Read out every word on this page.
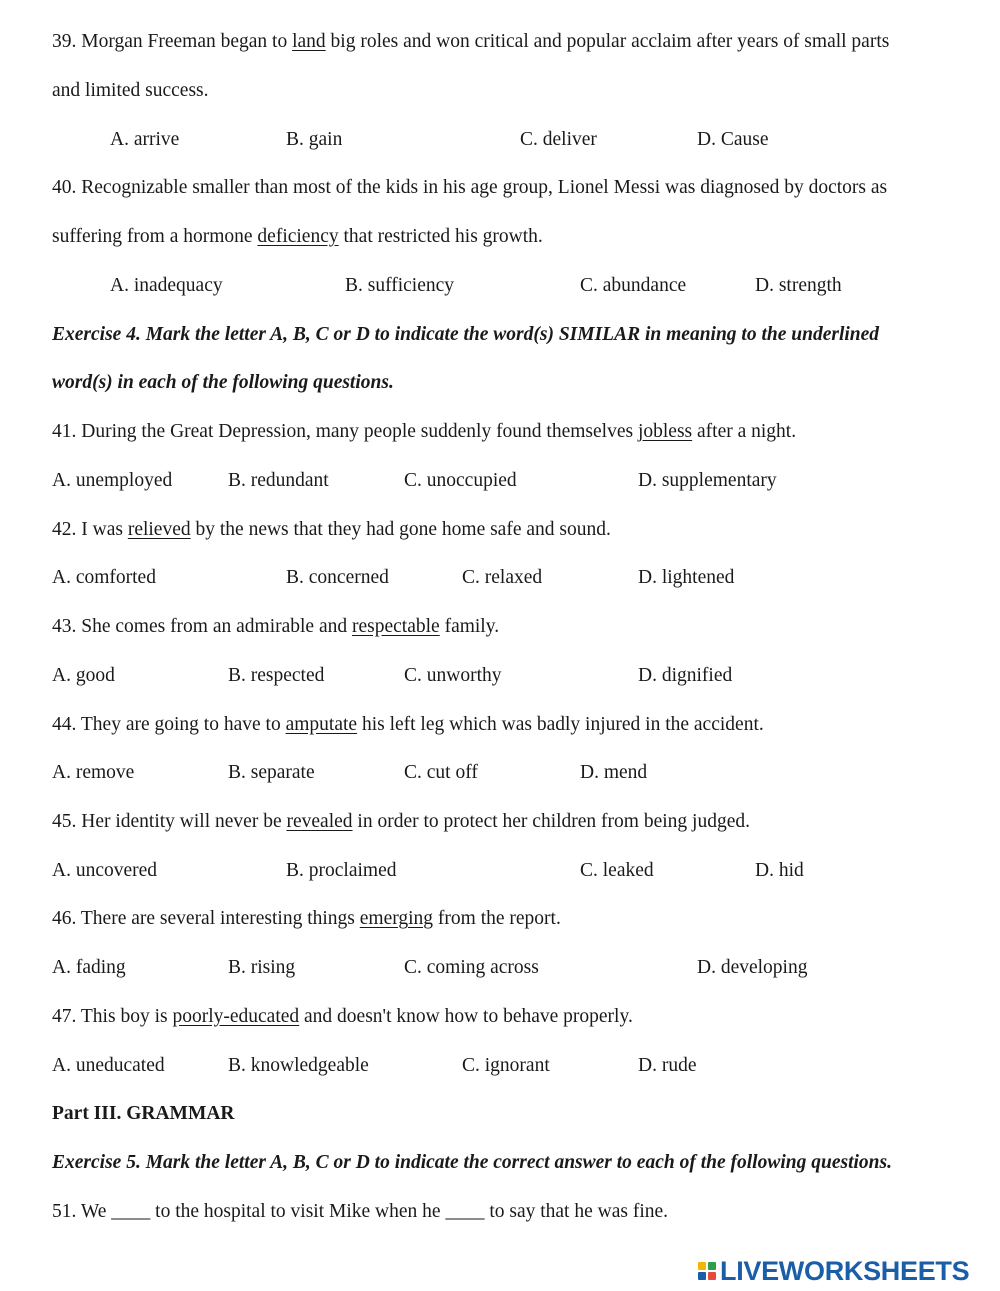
39. Morgan Freeman began to land big roles and won critical and popular acclaim after years of small parts
and limited success.
A. arrive	B. gain	C. deliver	D. Cause
40. Recognizable smaller than most of the kids in his age group, Lionel Messi was diagnosed by doctors as
suffering from a hormone deficiency that restricted his growth.
A. inadequacy	B. sufficiency	C. abundance	D. strength
Exercise 4. Mark the letter A, B, C or D to indicate the word(s) SIMILAR in meaning to the underlined
word(s) in each of the following questions.
41. During the Great Depression, many people suddenly found themselves jobless after a night.
A. unemployed	B. redundant	C. unoccupied	D. supplementary
42. I was relieved by the news that they had gone home safe and sound.
A. comforted	B. concerned	C. relaxed	D. lightened
43. She comes from an admirable and respectable family.
A. good	B. respected	C. unworthy	D. dignified
44. They are going to have to amputate his left leg which was badly injured in the accident.
A. remove	B. separate	C. cut off	D. mend
45. Her identity will never be revealed in order to protect her children from being judged.
A. uncovered	B. proclaimed	C. leaked	D. hid
46. There are several interesting things emerging from the report.
A. fading	B. rising	C. coming across	D. developing
47. This boy is poorly-educated and doesn't know how to behave properly.
A. uneducated	B. knowledgeable	C. ignorant	D. rude
Part III. GRAMMAR
Exercise 5. Mark the letter A, B, C or D to indicate the correct answer to each of the following questions.
51. We ____ to the hospital to visit Mike when he ____ to say that he was fine.
LIVEWORKSHEETS
